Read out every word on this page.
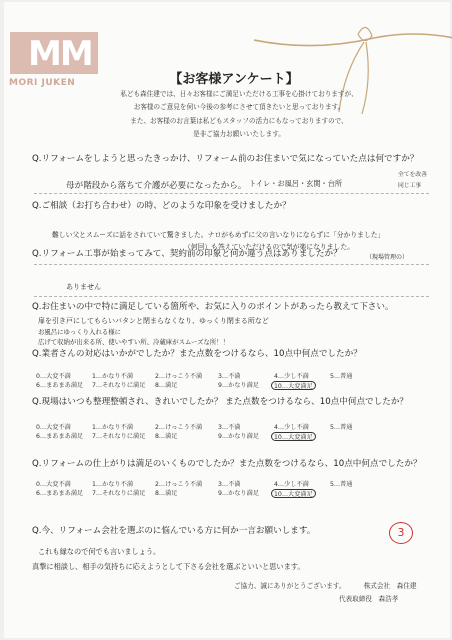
MM
MORI JUKEN	【お客様アンケート】
私ども森住建では、日々お客様にご満足いただける工事を心掛けておりますが、
お客様のご意見を伺い今後の参考にさせて頂きたいと思っております。
また、お客様のお言葉は私どもスタッフの活力にもなっておりますので、
是非ご協力お願いいたします。
Q.リフォームをしようと思ったきっかけ、リフォーム前のお住まいで気になっていた点は何ですか？
母が階段から落ちて介護が必要になったから。 トイレ・お風呂・玄関・台所
全てを改善
同じ工事
Q.ご相談（お打ち合わせ）の時、どのような印象を受けましたか？
難しい父とスムーズに話をされていて驚きました。ナロがもめずに父の言いなりにならずに「分かりました」
（何回）も答えていただけるので気が楽になりました。
（現場管理の）
Q.リフォーム工事が始まってみて、契約前の印象と何か違う点はありましたか？
ありません
Q.お住まいの中で特に満足している箇所や、お気に入りのポイントがあったら教えて下さい。
扉を引き戸にしてもらいバタンと閉まらなくなり、ゆっくり閉まる所など
お風呂にゆっくり入れる様に
広げて収納が出来る所、使いやすい所、冷蔵庫がスムーズな所！！
Q.業者さんの対応はいかがでしたか？また点数をつけるなら、10点中何点でしたか？
0…大変不満	1…かなり不満	2…けっこう不満	3…不満	4…少し不満	5…普通
6…まあまあ満足	7…それなりに満足	8…満足	9…かなり満足	10…大変満足
Q.現場はいつも整理整頓され、きれいでしたか？ また点数をつけるなら、10点中何点でしたか？
0…大変不満	1…かなり不満	2…けっこう不満	3…不満	4…少し不満	5…普通
6…まあまあ満足	7…それなりに満足	8…満足	9…かなり満足	10…大変満足
Q.リフォームの仕上がりは満足のいくものでしたか？また点数をつけるなら、10点中何点でしたか？
0…大変不満	1…かなり不満	2…けっこう不満	3…不満	4…少し不満	5…普通
6…まあまあ満足	7…それなりに満足	8…満足	9…かなり満足	10…大変満足
Q.今、リフォーム会社を選ぶのに悩んでいる方に何か一言お願いします。	3
これも縁なので何でも言いましょう。
真摯に相談し、相手の気持ちに応えようとして下さる会社を選ぶといいと思います。
ご協力、誠にありがとうございます。	株式会社　森住建
代表取締役　森浩孝
